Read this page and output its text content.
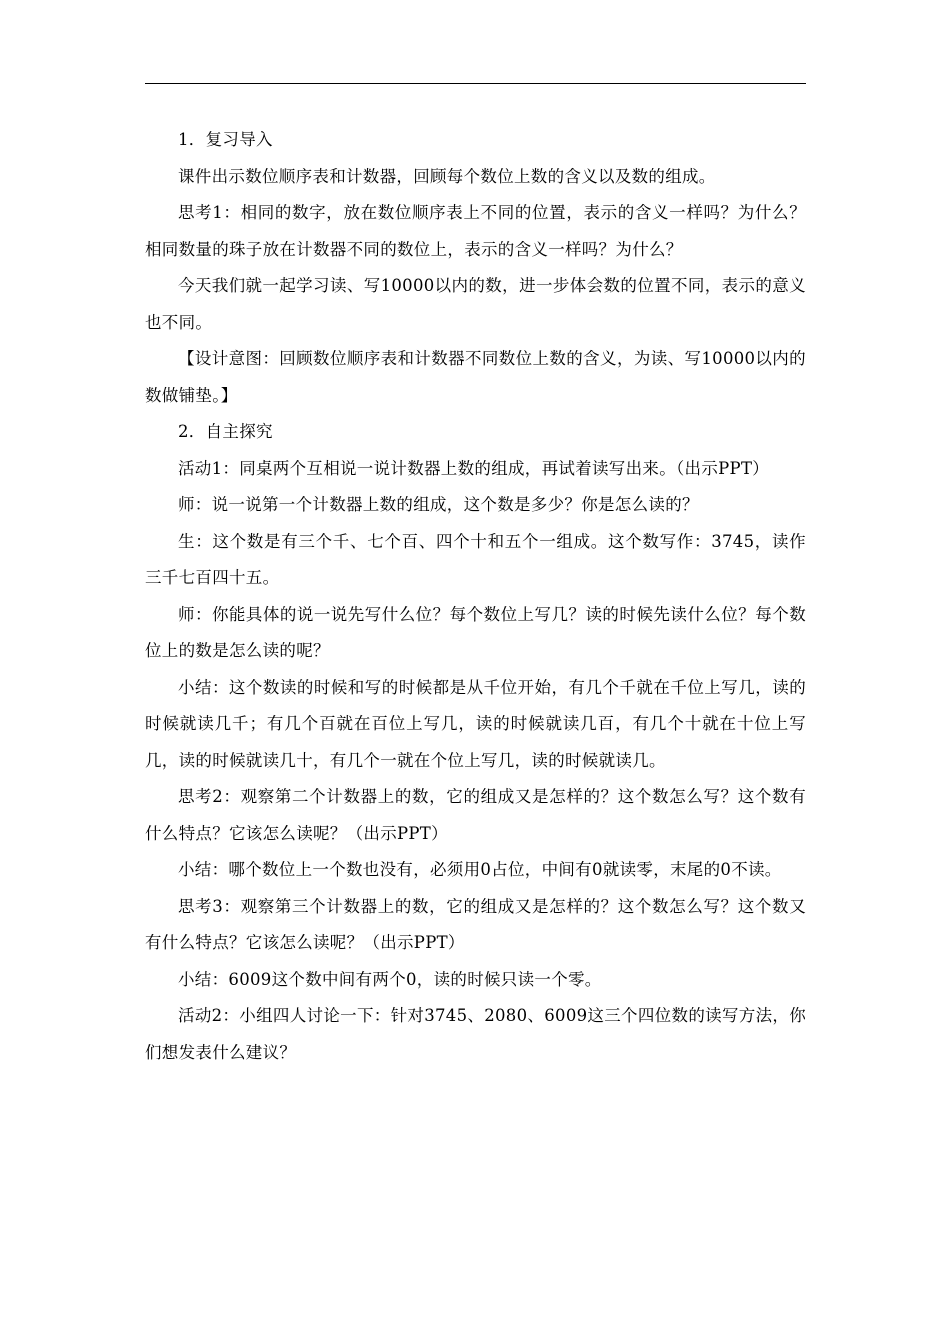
1．复习导入

课件出示数位顺序表和计数器，回顾每个数位上数的含义以及数的组成。

思考1：相同的数字，放在数位顺序表上不同的位置，表示的含义一样吗？为什么？相同数量的珠子放在计数器不同的数位上，表示的含义一样吗？为什么？

今天我们就一起学习读、写10000以内的数，进一步体会数的位置不同，表示的意义也不同。

【设计意图：回顾数位顺序表和计数器不同数位上数的含义，为读、写10000以内的数做铺垫。】

2．自主探究

活动1：同桌两个互相说一说计数器上数的组成，再试着读写出来。（出示PPT）

师：说一说第一个计数器上数的组成，这个数是多少？你是怎么读的？

生：这个数是有三个千、七个百、四个十和五个一组成。这个数写作：3745，读作三千七百四十五。

师：你能具体的说一说先写什么位？每个数位上写几？读的时候先读什么位？每个数位上的数是怎么读的呢？

小结：这个数读的时候和写的时候都是从千位开始，有几个千就在千位上写几，读的时候就读几千；有几个百就在百位上写几，读的时候就读几百，有几个十就在十位上写几，读的时候就读几十，有几个一就在个位上写几，读的时候就读几。

思考2：观察第二个计数器上的数，它的组成又是怎样的？这个数怎么写？这个数有什么特点？它该怎么读呢？（出示PPT）

小结：哪个数位上一个数也没有，必须用0占位，中间有0就读零，末尾的0不读。

思考3：观察第三个计数器上的数，它的组成又是怎样的？这个数怎么写？这个数又有什么特点？它该怎么读呢？（出示PPT）

小结：6009这个数中间有两个0，读的时候只读一个零。

活动2：小组四人讨论一下：针对3745、2080、6009这三个四位数的读写方法，你们想发表什么建议？
